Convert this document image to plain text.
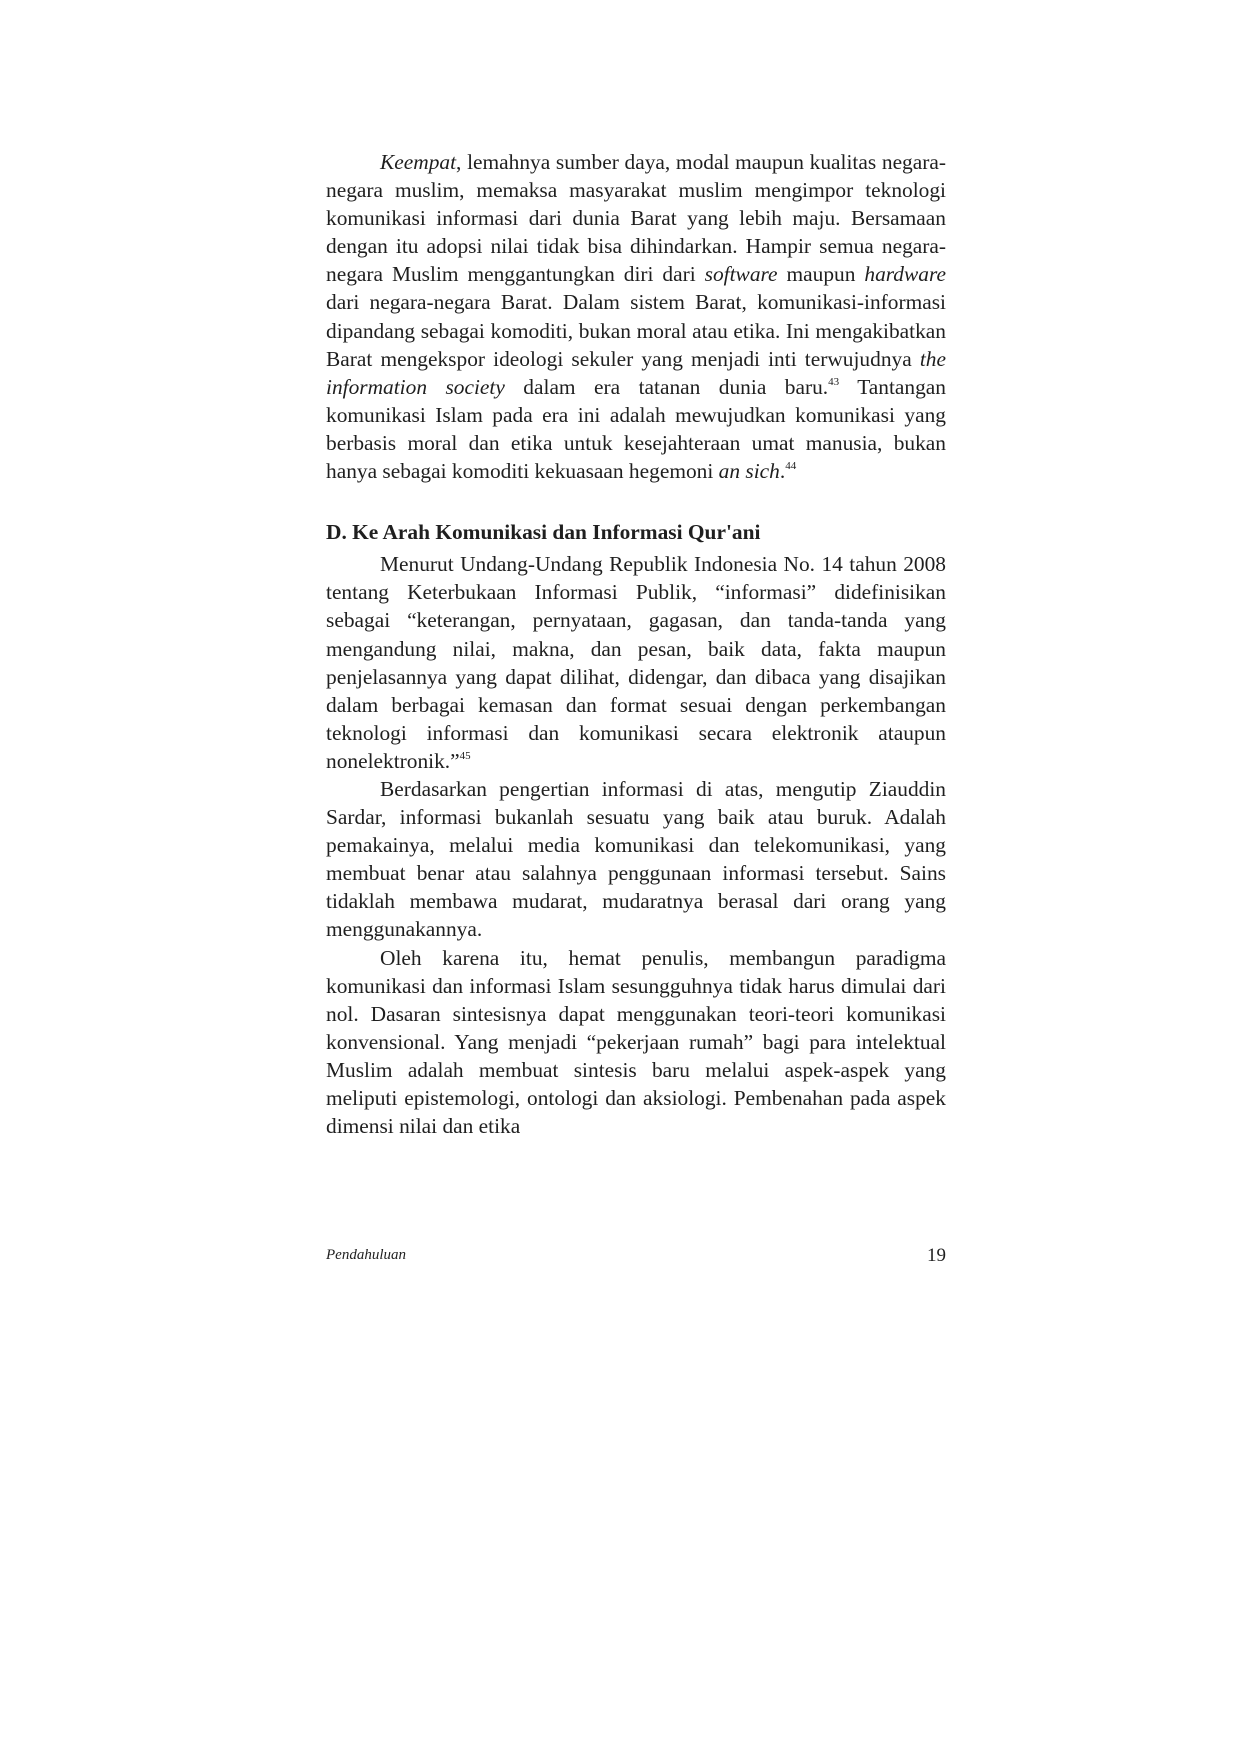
Keempat, lemahnya sumber daya, modal maupun kualitas negara-negara muslim, memaksa masyarakat muslim mengimpor teknologi komunikasi informasi dari dunia Barat yang lebih maju. Bersamaan dengan itu adopsi nilai tidak bisa dihindarkan. Hampir semua negara-negara Muslim menggantungkan diri dari software maupun hardware dari negara-negara Barat. Dalam sistem Barat, komunikasi-informasi dipandang sebagai komoditi, bukan moral atau etika. Ini mengakibatkan Barat mengekspor ideologi sekuler yang menjadi inti terwujudnya the information society dalam era tatanan dunia baru.$^{43}$ Tantangan komunikasi Islam pada era ini adalah mewujudkan komunikasi yang berbasis moral dan etika untuk kesejahteraan umat manusia, bukan hanya sebagai komoditi kekuasaan hegemoni an sich.$^{44}$

D. Ke Arah Komunikasi dan Informasi Qur'ani

Menurut Undang-Undang Republik Indonesia No. 14 tahun 2008 tentang Keterbukaan Informasi Publik, “informasi” didefinisikan sebagai “keterangan, pernyataan, gagasan, dan tanda-tanda yang mengandung nilai, makna, dan pesan, baik data, fakta maupun penjelasannya yang dapat dilihat, didengar, dan dibaca yang disajikan dalam berbagai kemasan dan format sesuai dengan perkembangan teknologi informasi dan komunikasi secara elektronik ataupun nonelektronik.”$^{45}$

Berdasarkan pengertian informasi di atas, mengutip Ziauddin Sardar, informasi bukanlah sesuatu yang baik atau buruk. Adalah pemakainya, melalui media komunikasi dan telekomunikasi, yang membuat benar atau salahnya penggunaan informasi tersebut. Sains tidaklah membawa mudarat, mudaratnya berasal dari orang yang menggunakannya.

Oleh karena itu, hemat penulis, membangun paradigma komunikasi dan informasi Islam sesungguhnya tidak harus dimulai dari nol. Dasaran sintesisnya dapat menggunakan teori-teori komunikasi konvensional. Yang menjadi “pekerjaan rumah” bagi para intelektual Muslim adalah membuat sintesis baru melalui aspek-aspek yang meliputi epistemologi, ontologi dan aksiologi. Pembenahan pada aspek dimensi nilai dan etika

Pendahuluan	19
